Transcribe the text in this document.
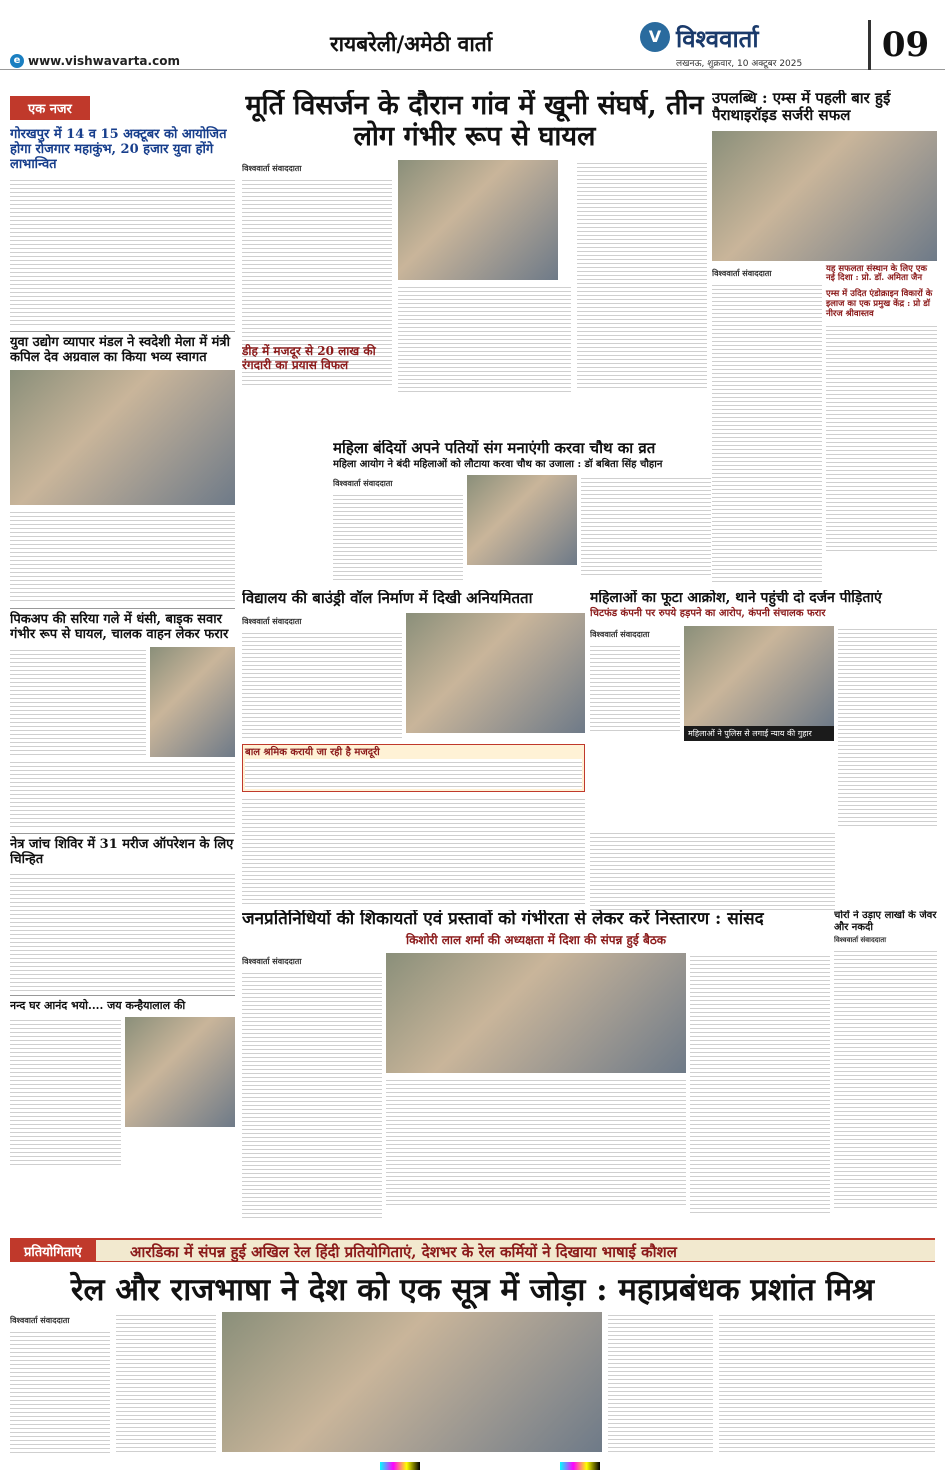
रायबरेली/अमेठी वार्ता
e www.vishwavarta.com
V विश्ववार्ता
लखनऊ, शुक्रवार, 10 अक्टूबर 2025	09
एक नजर
गोरखपुर में 14 व 15 अक्टूबर को आयोजित होगा रोजगार महाकुंभ, 20 हजार युवा होंगे लाभान्वित
युवा उद्योग व्यापार मंडल ने स्वदेशी मेला में मंत्री कपिल देव अग्रवाल का किया भव्य स्वागत
पिकअप की सरिया गले में धंसी, बाइक सवार गंभीर रूप से घायल, चालक वाहन लेकर फरार
नेत्र जांच शिविर में 31 मरीज ऑपरेशन के लिए चिन्हित
नन्द घर आनंद भयो.... जय कन्हैयालाल की
मूर्ति विसर्जन के दौरान गांव में खूनी संघर्ष, तीन लोग गंभीर रूप से घायल
विश्ववार्ता संवाददाता
डीह में मजदूर से 20 लाख की रंगदारी का प्रयास विफल
उपलब्धि : एम्स में पहली बार हुई पैराथाइरॉइड सर्जरी सफल
विश्ववार्ता संवाददाता	यह सफलता संस्थान के लिए एक नई दिशा : प्रो. डॉ. अमिता जैन
एम्स में उदित एंडोक्राइन विकारों के इलाज का एक प्रमुख केंद्र : प्रो डॉ नीरज श्रीवास्तव
महिला बंदियों अपने पतियों संग मनाएंगी करवा चौथ का व्रत
महिला आयोग ने बंदी महिलाओं को लौटाया करवा चौथ का उजाला : डॉ बबिता सिंह चौहान
विश्ववार्ता संवाददाता
विद्यालय की बाउंड्री वॉल निर्माण में दिखी अनियमितता
विश्ववार्ता संवाददाता
बाल श्रमिक करायी जा रही है मजदूरी
महिलाओं का फूटा आक्रोश, थाने पहुंची दो दर्जन पीड़िताएं
चिटफंड कंपनी पर रुपये हड़पने का आरोप, कंपनी संचालक फरार
विश्ववार्ता संवाददाता
महिलाओं ने पुलिस से लगाई न्याय की गुहार
जनप्रतिनिधियों की शिकायतों एवं प्रस्तावों को गंभीरता से लेकर करें निस्तारण : सांसद
किशोरी लाल शर्मा की अध्यक्षता में दिशा की संपन्न हुई बैठक
विश्ववार्ता संवाददाता
चोरों ने उड़ाए लाखों के जेवर और नकदी
विश्ववार्ता संवाददाता
प्रतियोगिताएं	आरडिका में संपन्न हुई अखिल रेल हिंदी प्रतियोगिताएं, देशभर के रेल कर्मियों ने दिखाया भाषाई कौशल
रेल और राजभाषा ने देश को एक सूत्र में जोड़ा : महाप्रबंधक प्रशांत मिश्र
विश्ववार्ता संवाददाता
